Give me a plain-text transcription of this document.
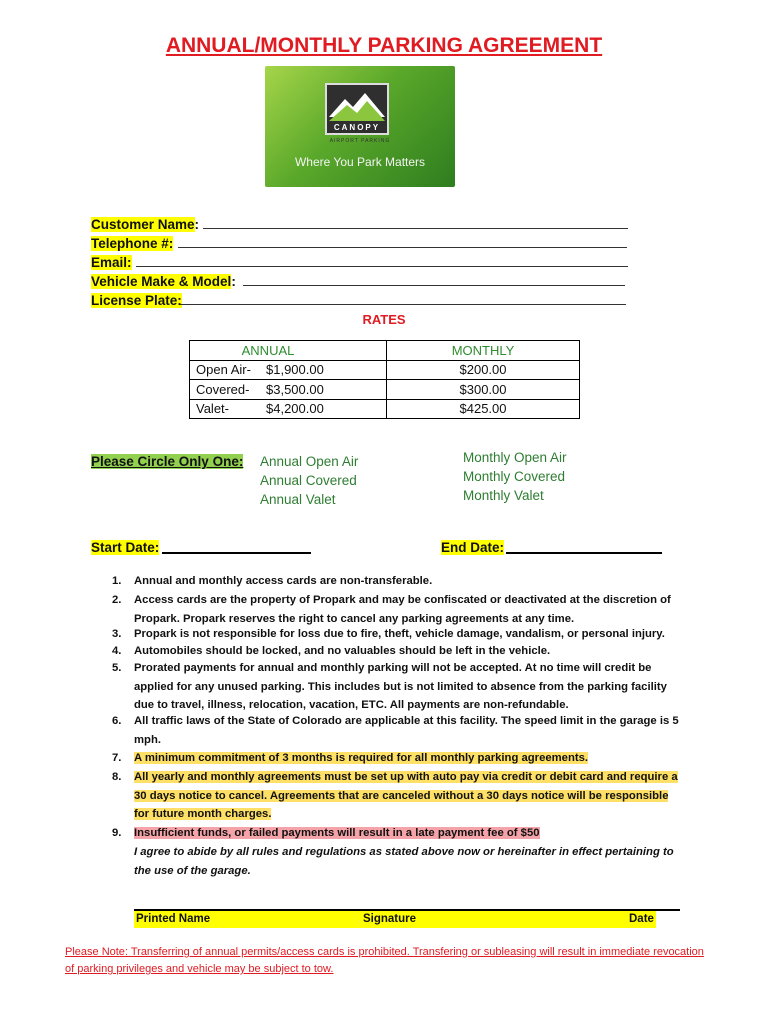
ANNUAL/MONTHLY PARKING AGREEMENT
CANOPY
AIRPORT PARKING
Where You Park Matters
Customer Name:
Telephone #:
Email:
Vehicle Make & Model:
License Plate:
RATES
ANNUAL	MONTHLY
Open Air- $1,900.00	$200.00
Covered- $3,500.00	$300.00
Valet- $4,200.00	$425.00
Please Circle Only One: Annual Open Air
Annual Covered
Annual Valet
Monthly Open Air
Monthly Covered
Monthly Valet
Start Date:	End Date:
1.	Annual and monthly access cards are non-transferable.
2.	Access cards are the property of Propark and may be confiscated or deactivated at the discretion of Propark. Propark reserves the right to cancel any parking agreements at any time.
3.	Propark is not responsible for loss due to fire, theft, vehicle damage, vandalism, or personal injury.
4.	Automobiles should be locked, and no valuables should be left in the vehicle.
5.	Prorated payments for annual and monthly parking will not be accepted. At no time will credit be applied for any unused parking. This includes but is not limited to absence from the parking facility due to travel, illness, relocation, vacation, ETC. All payments are non-refundable.
6.	All traffic laws of the State of Colorado are applicable at this facility. The speed limit in the garage is 5 mph.
7.	A minimum commitment of 3 months is required for all monthly parking agreements.
8.	All yearly and monthly agreements must be set up with auto pay via credit or debit card and require a 30 days notice to cancel. Agreements that are canceled without a 30 days notice will be responsible for future month charges.
9.	Insufficient funds, or failed payments will result in a late payment fee of $50
I agree to abide by all rules and regulations as stated above now or hereinafter in effect pertaining to the use of the garage.
Printed Name	Signature	Date
Please Note: Transferring of annual permits/access cards is prohibited. Transfering or subleasing will result in immediate revocation of parking privileges and vehicle may be subject to tow.
